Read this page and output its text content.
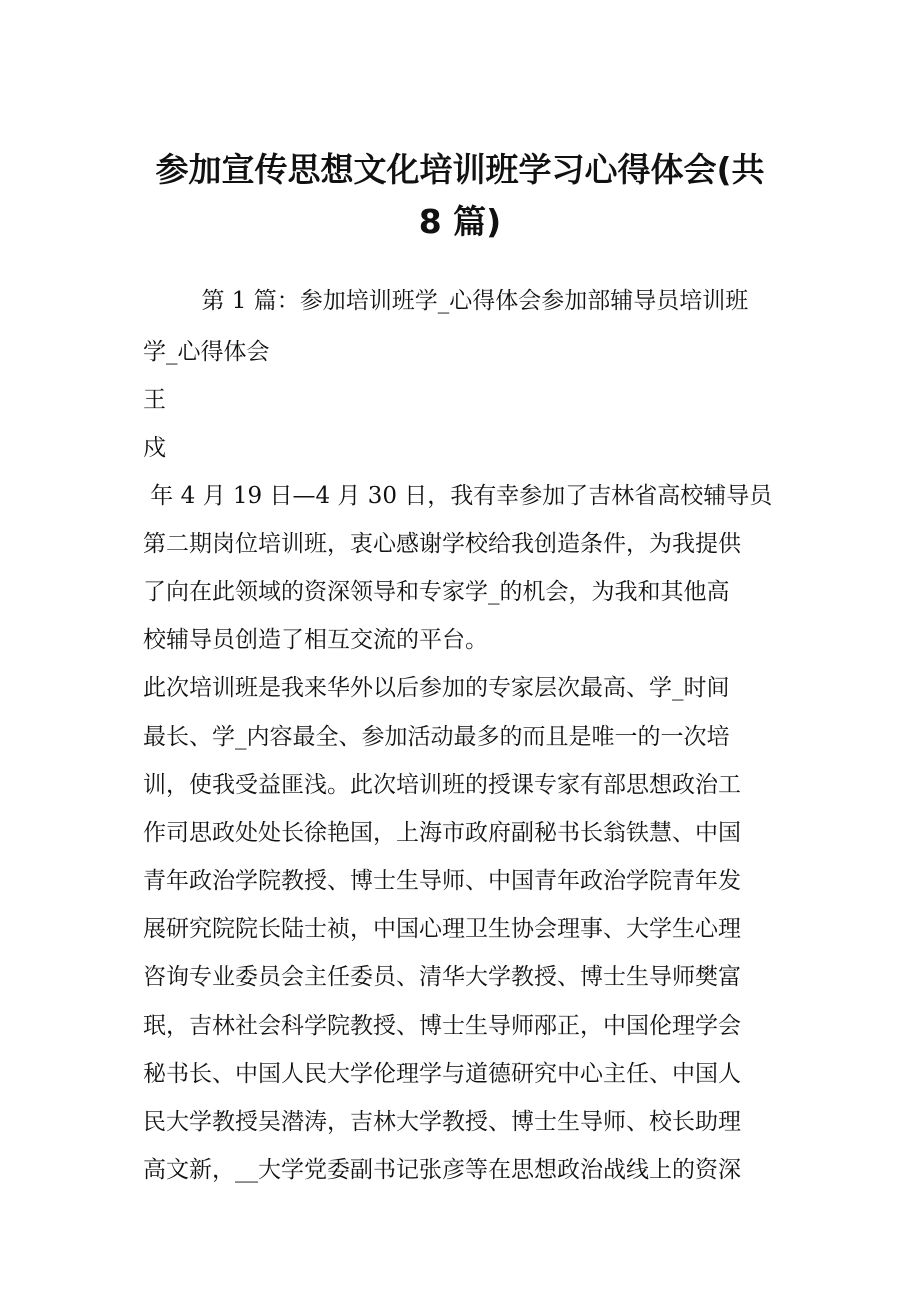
参加宣传思想文化培训班学习心得体会(共
8 篇)
第 1 篇：参加培训班学_心得体会参加部辅导员培训班
学_心得体会
王
戍
年 4 月 19 日—4 月 30 日，我有幸参加了吉林省高校辅导员
第二期岗位培训班，衷心感谢学校给我创造条件，为我提供
了向在此领域的资深领导和专家学_的机会，为我和其他高
校辅导员创造了相互交流的平台。
此次培训班是我来华外以后参加的专家层次最高、学_时间
最长、学_内容最全、参加活动最多的而且是唯一的一次培
训，使我受益匪浅。此次培训班的授课专家有部思想政治工
作司思政处处长徐艳国，上海市政府副秘书长翁铁慧、中国
青年政治学院教授、博士生导师、中国青年政治学院青年发
展研究院院长陆士祯，中国心理卫生协会理事、大学生心理
咨询专业委员会主任委员、清华大学教授、博士生导师樊富
珉，吉林社会科学院教授、博士生导师邴正，中国伦理学会
秘书长、中国人民大学伦理学与道德研究中心主任、中国人
民大学教授吴潜涛，吉林大学教授、博士生导师、校长助理
高文新，__大学党委副书记张彦等在思想政治战线上的资深
